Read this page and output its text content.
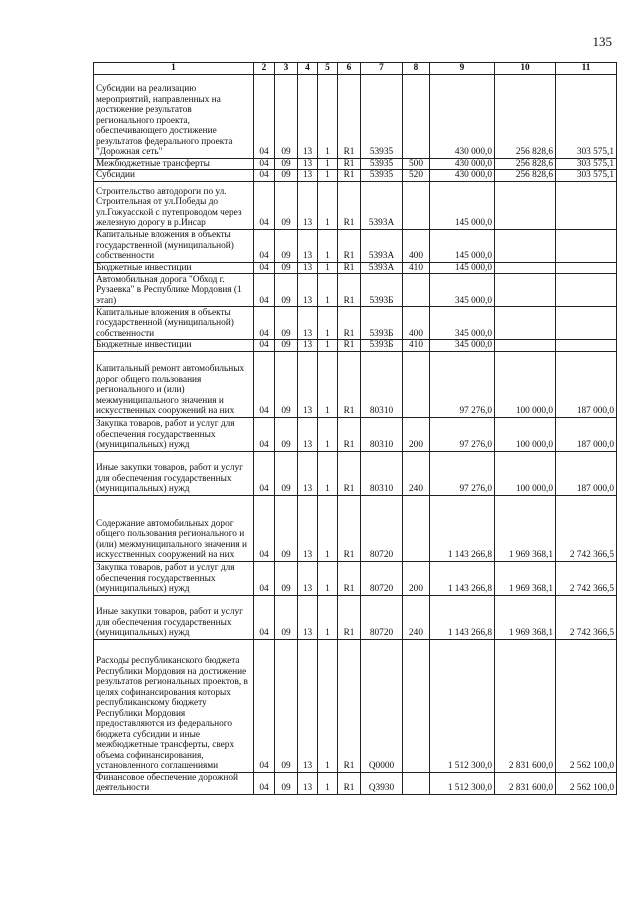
135
1	2	3	4	5	6	7	8	9	10	11
Субсидии на реализацию мероприятий, направленных на достижение результатов регионального проекта, обеспечивающего достижение результатов федерального проекта "Дорожная сеть"	04	09	13	1	R1	53935		430 000,0	256 828,6	303 575,1
Межбюджетные трансферты	04	09	13	1	R1	53935	500	430 000,0	256 828,6	303 575,1
Субсидии	04	09	13	1	R1	53935	520	430 000,0	256 828,6	303 575,1
Строительство автодороги по ул. Строительная от ул.Победы до ул.Гожуасской с путепроводом через железную дорогу в р.Инсар	04	09	13	1	R1	5393А		145 000,0		
Капитальные вложения в объекты государственной (муниципальной) собственности	04	09	13	1	R1	5393А	400	145 000,0		
Бюджетные инвестиции	04	09	13	1	R1	5393А	410	145 000,0		
Автомобильная дорога "Обход г. Рузаевка" в Республике Мордовия (1 этап)	04	09	13	1	R1	5393Б		345 000,0		
Капитальные вложения в объекты государственной (муниципальной) собственности	04	09	13	1	R1	5393Б	400	345 000,0		
Бюджетные инвестиции	04	09	13	1	R1	5393Б	410	345 000,0		
Капитальный ремонт автомобильных дорог общего пользования регионального и (или) межмуниципального значения и искусственных сооружений на них	04	09	13	1	R1	80310		97 276,0	100 000,0	187 000,0
Закупка товаров, работ и услуг для обеспечения государственных (муниципальных) нужд	04	09	13	1	R1	80310	200	97 276,0	100 000,0	187 000,0
Иные закупки товаров, работ и услуг для обеспечения государственных (муниципальных) нужд	04	09	13	1	R1	80310	240	97 276,0	100 000,0	187 000,0
Содержание автомобильных дорог общего пользования регионального и (или) межмуниципального значения и искусственных сооружений на них	04	09	13	1	R1	80720		1 143 266,8	1 969 368,1	2 742 366,5
Закупка товаров, работ и услуг для обеспечения государственных (муниципальных) нужд	04	09	13	1	R1	80720	200	1 143 266,8	1 969 368,1	2 742 366,5
Иные закупки товаров, работ и услуг для обеспечения государственных (муниципальных) нужд	04	09	13	1	R1	80720	240	1 143 266,8	1 969 368,1	2 742 366,5
Расходы республиканского бюджета Республики Мордовия на достижение результатов региональных проектов, в целях софинансирования которых республиканскому бюджету Республики Мордовия предоставляются из федерального бюджета субсидии и иные межбюджетные трансферты, сверх объема софинансирования, установленного соглашениями	04	09	13	1	R1	Q0000		1 512 300,0	2 831 600,0	2 562 100,0
Финансовое обеспечение дорожной деятельности	04	09	13	1	R1	Q3930		1 512 300,0	2 831 600,0	2 562 100,0
